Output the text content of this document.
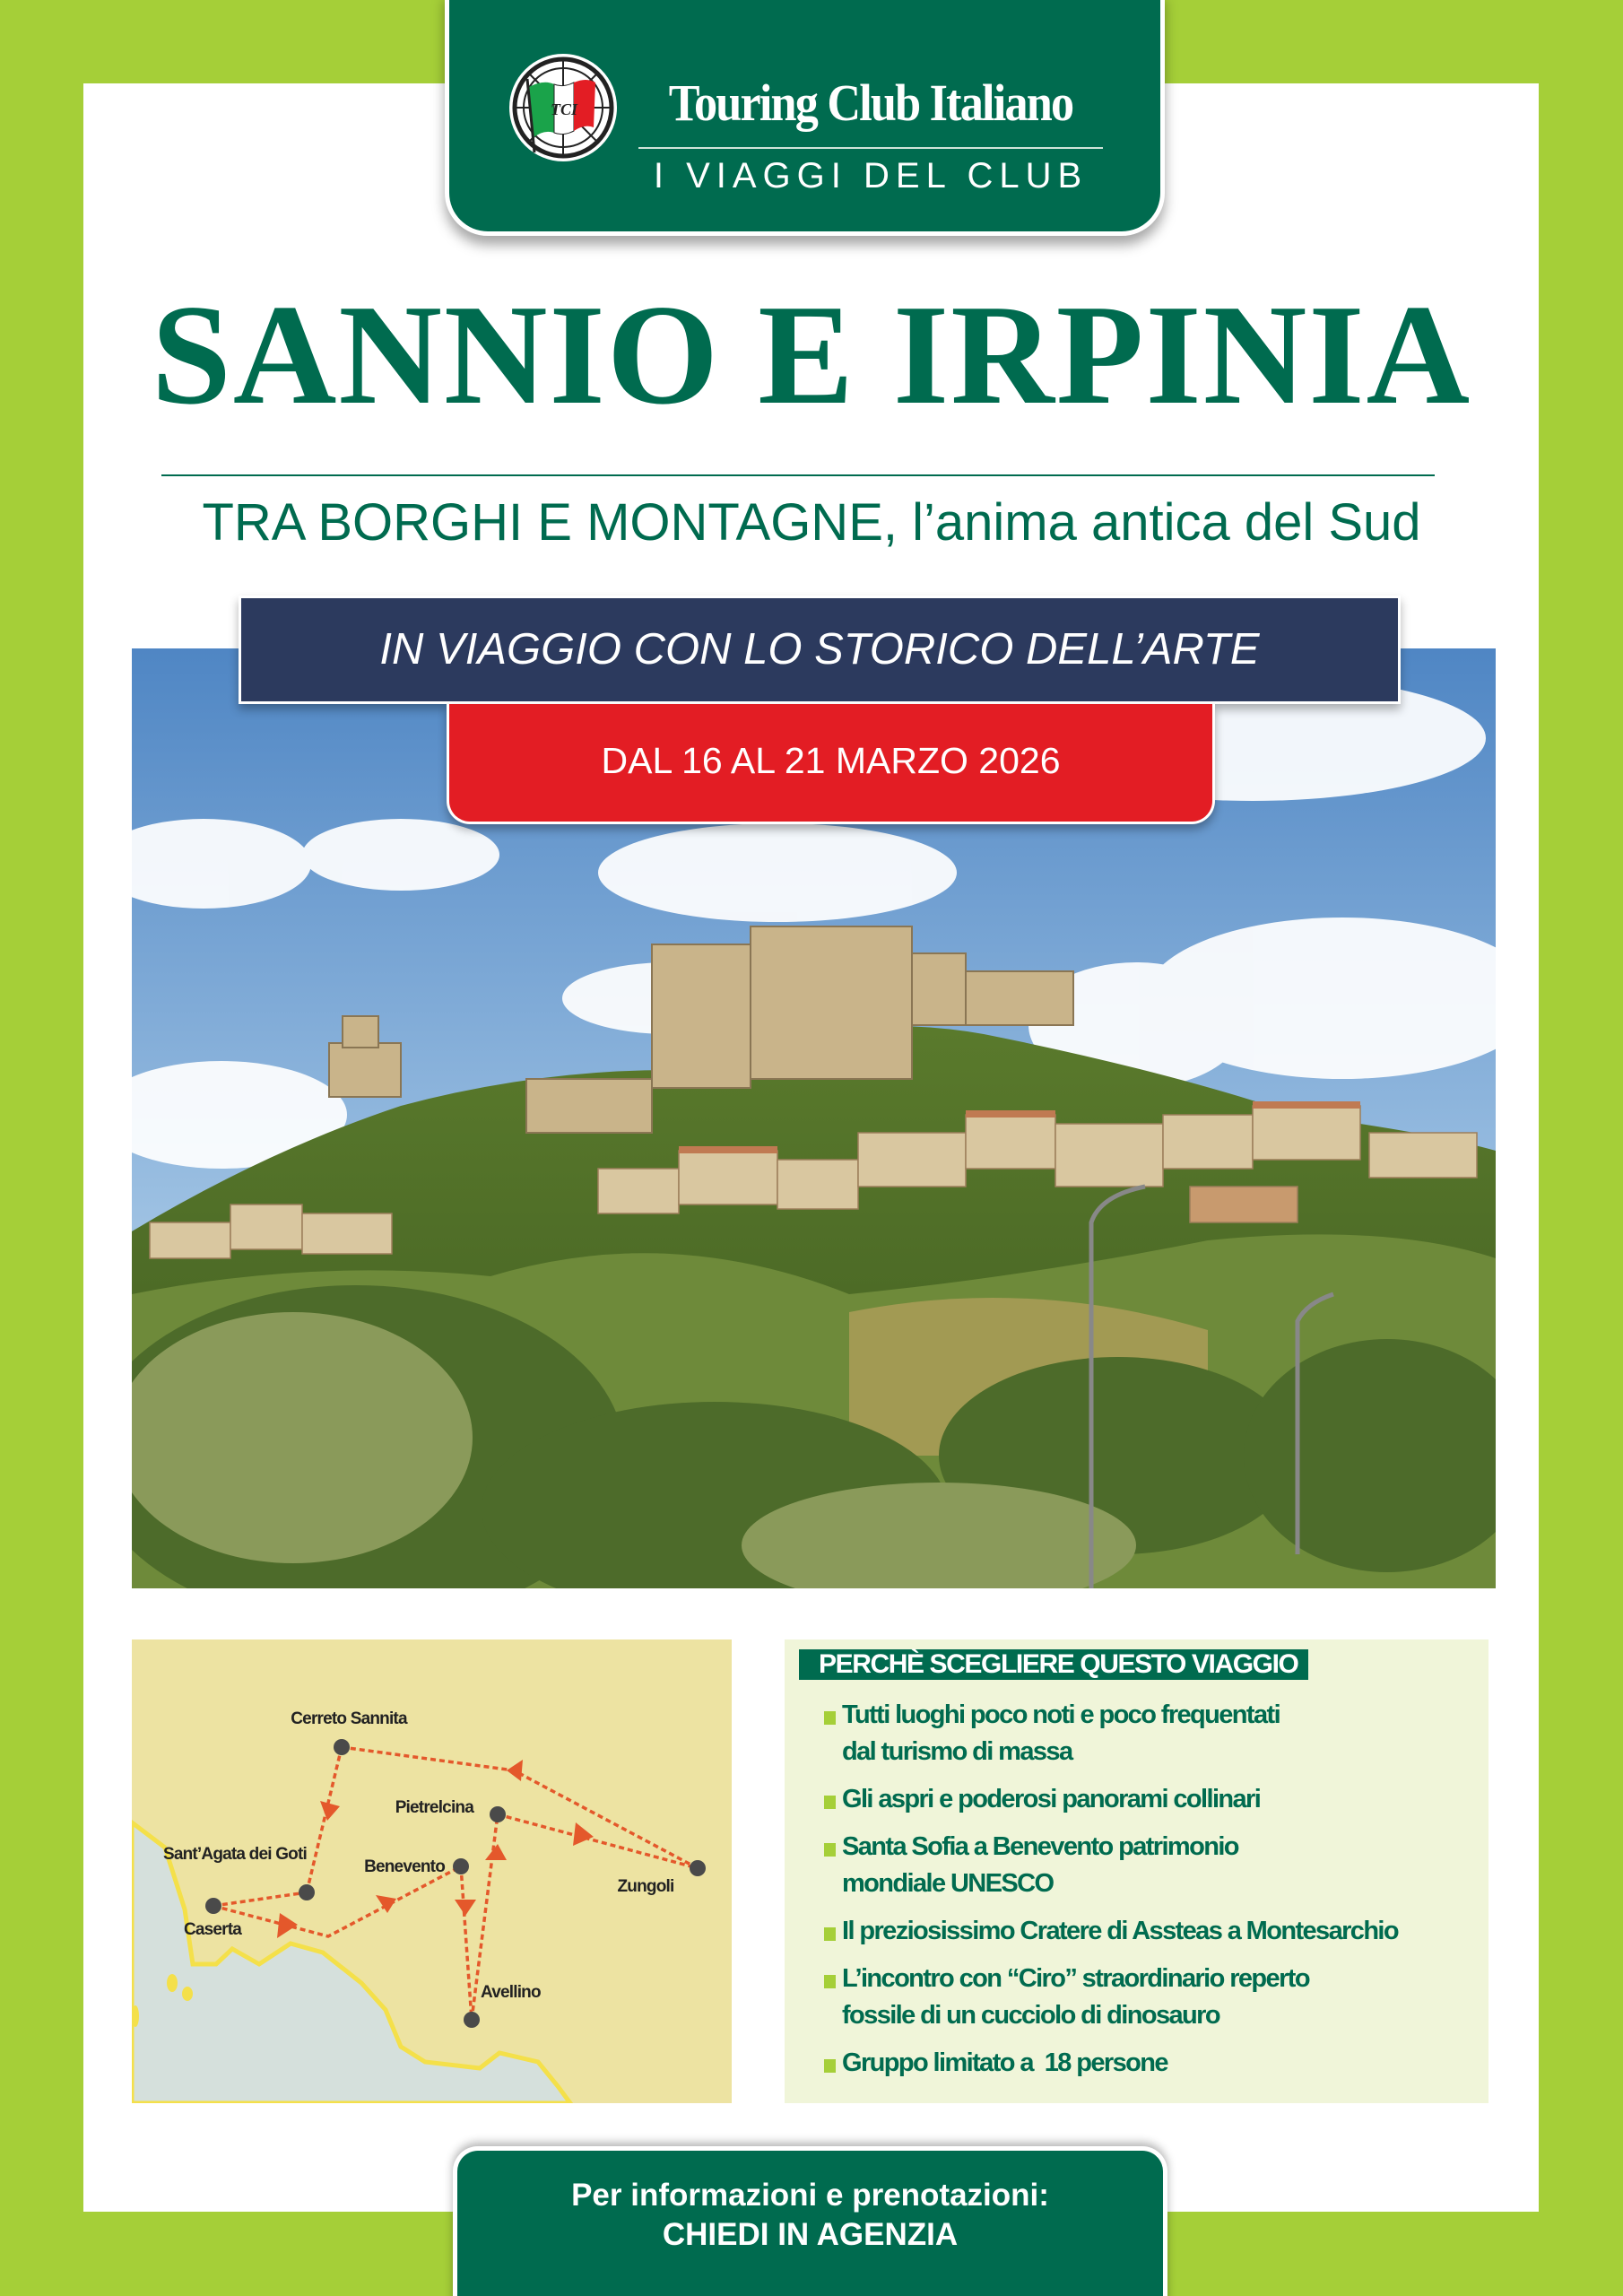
TCI Touring Club Italiano
I VIAGGI DEL CLUB
SANNIO E IRPINIA
TRA BORGHI E MONTAGNE, l’anima antica del Sud
IN VIAGGIO CON LO STORICO DELL’ARTE
DAL 16 AL 21 MARZO 2026
Cerreto Sannita
Pietrelcina
Sant’Agata dei Goti
Benevento
Caserta
Zungoli
Avellino
PERCHÈ SCEGLIERE QUESTO VIAGGIO
Tutti luoghi poco noti e poco frequentati
dal turismo di massa
Gli aspri e poderosi panorami collinari
Santa Sofia a Benevento patrimonio
mondiale UNESCO
Il preziosissimo Cratere di Assteas a Montesarchio
L’incontro con “Ciro” straordinario reperto
fossile di un cucciolo di dinosauro
Gruppo limitato a  18 persone
Per informazioni e prenotazioni:
CHIEDI IN AGENZIA
